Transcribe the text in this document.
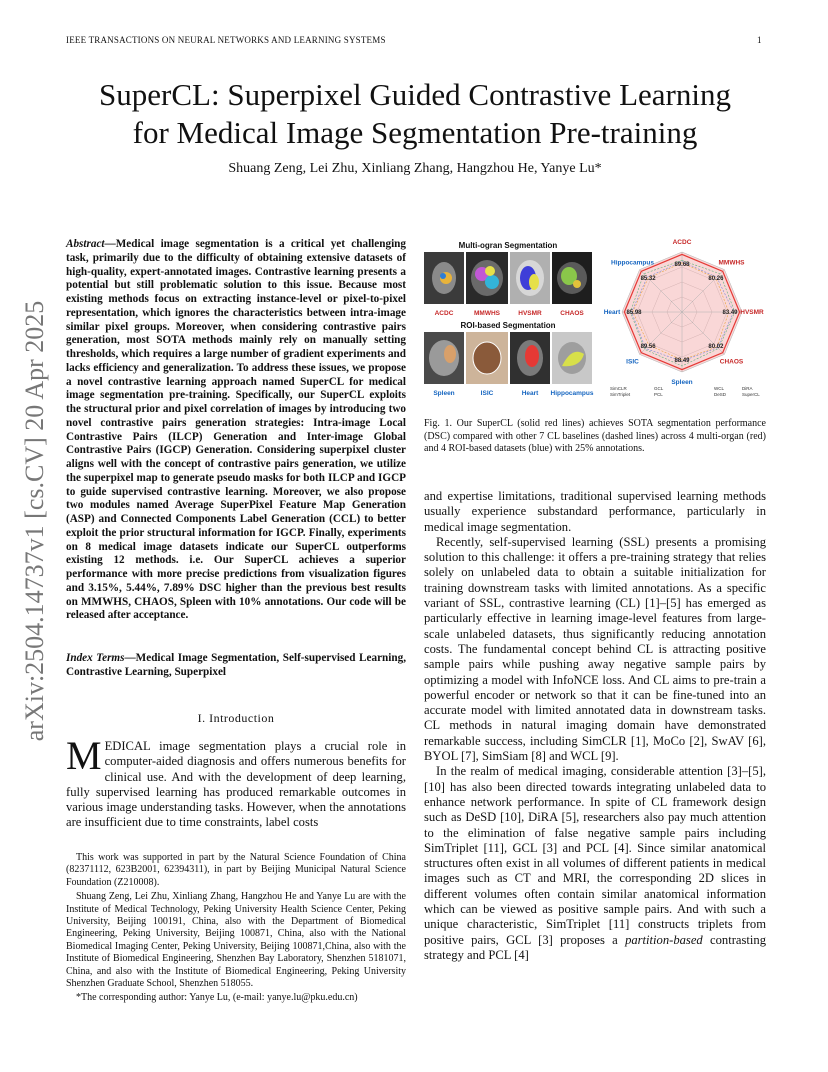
IEEE TRANSACTIONS ON NEURAL NETWORKS AND LEARNING SYSTEMS	1
arXiv:2504.14737v1 [cs.CV] 20 Apr 2025
SuperCL: Superpixel Guided Contrastive Learning
for Medical Image Segmentation Pre-training
Shuang Zeng, Lei Zhu, Xinliang Zhang, Hangzhou He, Yanye Lu*
Abstract—Medical image segmentation is a critical yet challenging task, primarily due to the difficulty of obtaining extensive datasets of high-quality, expert-annotated images. Contrastive learning presents a potential but still problematic solution to this issue. Because most existing methods focus on extracting instance-level or pixel-to-pixel representation, which ignores the characteristics between intra-image similar pixel groups. Moreover, when considering contrastive pairs generation, most SOTA methods mainly rely on manually setting thresholds, which requires a large number of gradient experiments and lacks efficiency and generalization. To address these issues, we propose a novel contrastive learning approach named SuperCL for medical image segmentation pre-training. Specifically, our SuperCL exploits the structural prior and pixel correlation of images by introducing two novel contrastive pairs generation strategies: Intra-image Local Contrastive Pairs (ILCP) Generation and Inter-image Global Contrastive Pairs (IGCP) Generation. Considering superpixel cluster aligns well with the concept of contrastive pairs generation, we utilize the superpixel map to generate pseudo masks for both ILCP and IGCP to guide supervised contrastive learning. Moreover, we also propose two modules named Average SuperPixel Feature Map Generation (ASP) and Connected Components Label Generation (CCL) to better exploit the prior structural information for IGCP. Finally, experiments on 8 medical image datasets indicate our SuperCL outperforms existing 12 methods. i.e. Our SuperCL achieves a superior performance with more precise predictions from visualization figures and 3.15%, 5.44%, 7.89% DSC higher than the previous best results on MMWHS, CHAOS, Spleen with 10% annotations. Our code will be released after acceptance.
Index Terms—Medical Image Segmentation, Self-supervised Learning, Contrastive Learning, Superpixel
I. Introduction
MEDICAL image segmentation plays a crucial role in computer-aided diagnosis and offers numerous benefits for clinical use. And with the development of deep learning, fully supervised learning has produced remarkable outcomes in various image understanding tasks. However, when the annotations are insufficient due to time constraints, label costs

This work was supported in part by the Natural Science Foundation of China (82371112, 623B2001, 62394311), in part by Beijing Municipal Natural Science Foundation (Z210008).

Shuang Zeng, Lei Zhu, Xinliang Zhang, Hangzhou He and Yanye Lu are with the Institute of Medical Technology, Peking University Health Science Center, Peking University, Beijing 100191, China, also with the Department of Biomedical Engineering, Peking University, Beijing 100871, China, also with the National Biomedical Imaging Center, Peking University, Beijing 100871,China, also with the Institute of Biomedical Engineering, Shenzhen Bay Laboratory, Shenzhen 5181071, China, and also with the Institute of Biomedical Engineering, Peking University Shenzhen Graduate School, Shenzhen 518055.

*The corresponding author: Yanye Lu, (e-mail: yanye.lu@pku.edu.cn)

Multi-ogran Segmentation
ACDC	MMWHS	HVSMR	CHAOS
ROI-based Segmentation
Spleen	ISIC	Heart Hippocampus
ACDC
89.68	MMWHS
80.26
HVSMR
83.49
CHAOS
80.02
Spleen
88.49
ISIC
89.56
Heart 85.98
Hippocampus
85.32
SimCLR
SimTriplet
GCL
PCL
WCL
DeSD
DiRA
SuperCL
Fig. 1. Our SuperCL (solid red lines) achieves SOTA segmentation performance (DSC) compared with other 7 CL baselines (dashed lines) across 4 multi-organ (red) and 4 ROI-based datasets (blue) with 25% annotations.

and expertise limitations, traditional supervised learning methods usually experience substandard performance, particularly in medical image segmentation.

Recently, self-supervised learning (SSL) presents a promising solution to this challenge: it offers a pre-training strategy that relies solely on unlabeled data to obtain a suitable initialization for training downstream tasks with limited annotations. As a specific variant of SSL, contrastive learning (CL) [1]–[5] has emerged as particularly effective in learning image-level features from large-scale unlabeled datasets, thus significantly reducing annotation costs. The fundamental concept behind CL is attracting positive sample pairs while pushing away negative sample pairs by optimizing a model with InfoNCE loss. And CL aims to pre-train a powerful encoder or network so that it can be fine-tuned into an accurate model with limited annotated data in downstream tasks. CL methods in natural imaging domain have demonstrated remarkable success, including SimCLR [1], MoCo [2], SwAV [6], BYOL [7], SimSiam [8] and WCL [9].

In the realm of medical imaging, considerable attention [3]–[5], [10] has also been directed towards integrating unlabeled data to enhance network performance. In spite of CL framework design such as DeSD [10], DiRA [5], researchers also pay much attention to the elimination of false negative sample pairs including SimTriplet [11], GCL [3] and PCL [4]. Since similar anatomical structures often exist in all volumes of different patients in medical images such as CT and MRI, the corresponding 2D slices in different volumes often contain similar anatomical information which can be viewed as positive sample pairs. And with such a unique characteristic, SimTriplet [11] constructs triplets from positive pairs, GCL [3] proposes a partition-based contrasting strategy and PCL [4]
